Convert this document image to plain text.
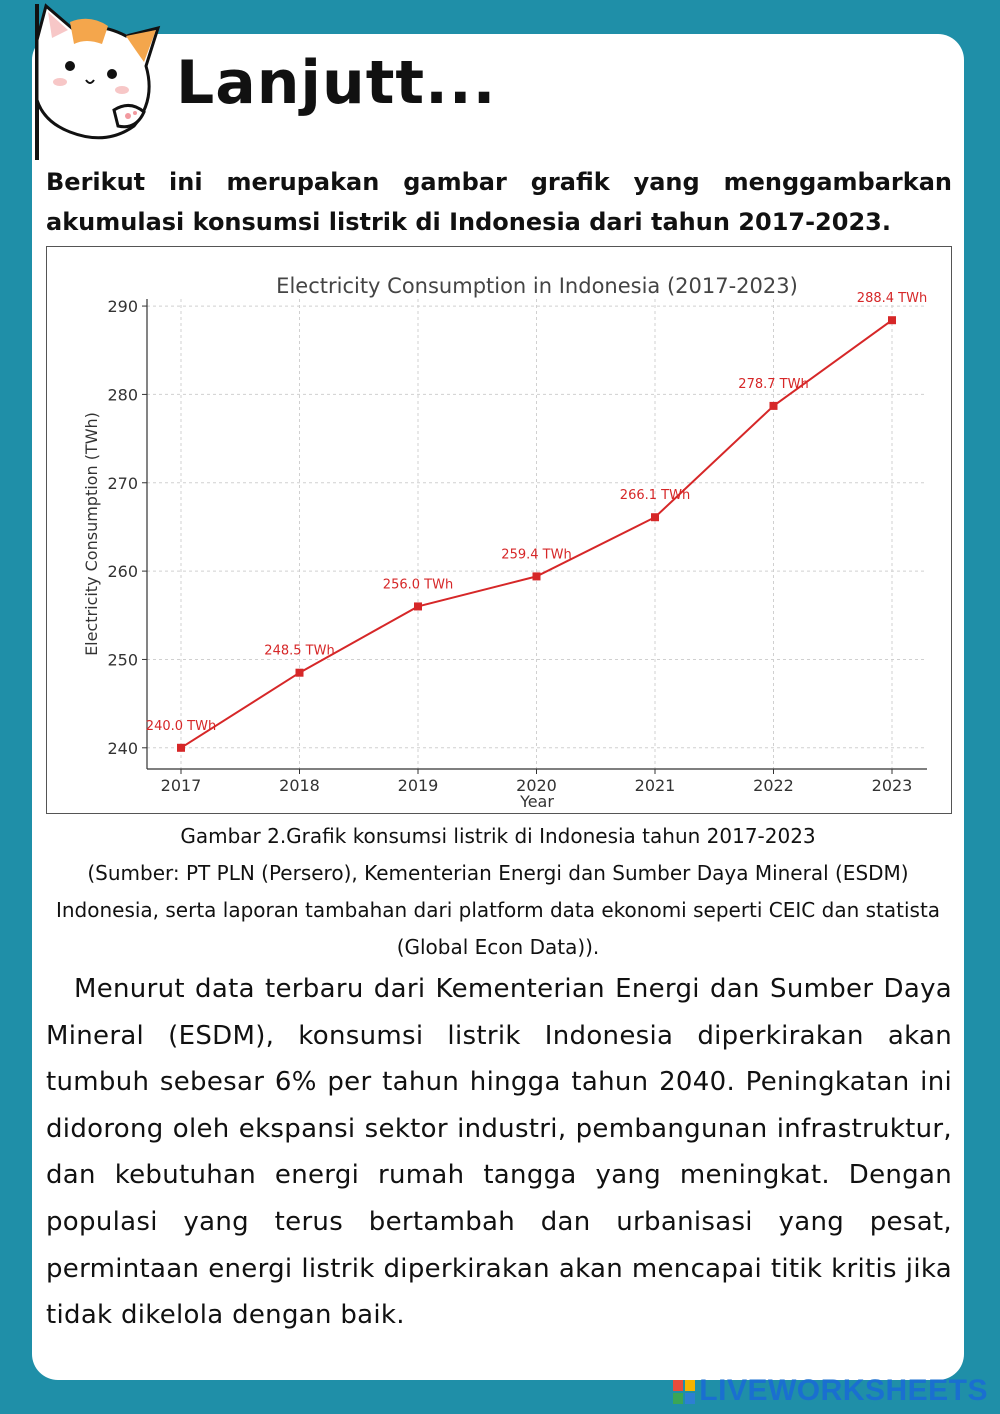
Lanjutt...
Berikut ini merupakan gambar grafik yang menggambarkan akumulasi konsumsi listrik di Indonesia dari tahun 2017-2023.
240
250
260
270
280
290
2017	2018	2019	2020	2021	2022	2023
Electricity Consumption in Indonesia (2017-2023)
Year
Electricity Consumption (TWh)
240.0 TWh
248.5 TWh
256.0 TWh
259.4 TWh
266.1 TWh
278.7 TWh
288.4 TWh
Gambar 2.Grafik konsumsi listrik di Indonesia tahun 2017-2023
(Sumber: PT PLN (Persero), Kementerian Energi dan Sumber Daya Mineral (ESDM) Indonesia, serta laporan tambahan dari platform data ekonomi seperti CEIC dan statista (Global Econ Data)).
Menurut data terbaru dari Kementerian Energi dan Sumber Daya Mineral (ESDM), konsumsi listrik Indonesia diperkirakan akan tumbuh sebesar 6% per tahun hingga tahun 2040. Peningkatan ini didorong oleh ekspansi sektor industri, pembangunan infrastruktur, dan kebutuhan energi rumah tangga yang meningkat. Dengan populasi yang terus bertambah dan urbanisasi yang pesat, permintaan energi listrik diperkirakan akan mencapai titik kritis jika tidak dikelola dengan baik.
LIVEWORKSHEETS
